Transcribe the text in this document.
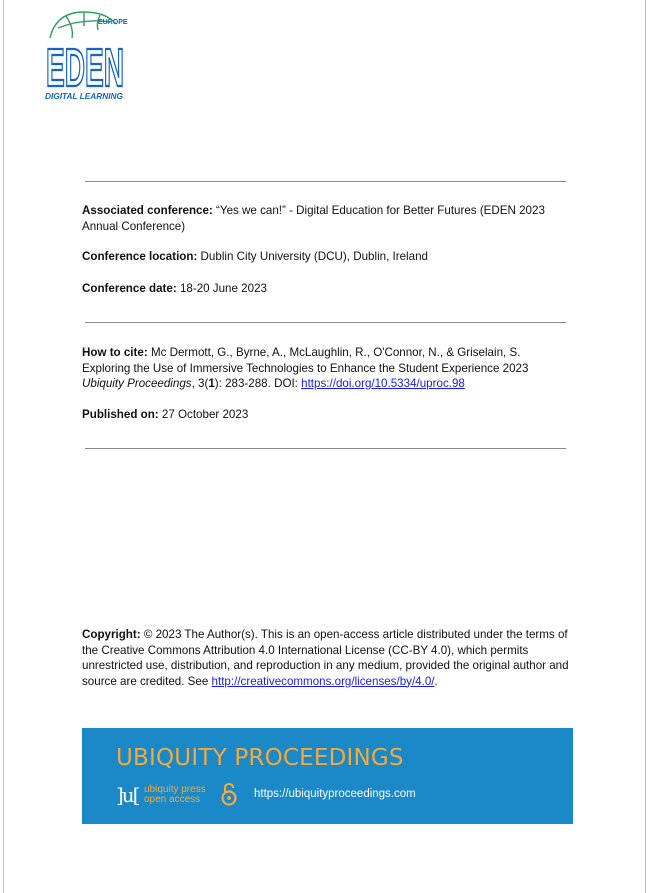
EUROPE
EDEN
DIGITAL LEARNING
Associated conference: “Yes we can!” - Digital Education for Better Futures (EDEN 2023 Annual Conference)
Conference location: Dublin City University (DCU), Dublin, Ireland
Conference date: 18-20 June 2023
How to cite: Mc Dermott, G., Byrne, A., McLaughlin, R., O'Connor, N., & Griselain, S. Exploring the Use of Immersive Technologies to Enhance the Student Experience 2023 Ubiquity Proceedings, 3(1): 283-288. DOI: https://doi.org/10.5334/uproc.98
Published on: 27 October 2023
Copyright: © 2023 The Author(s). This is an open-access article distributed under the terms of the Creative Commons Attribution 4.0 International License (CC-BY 4.0), which permits unrestricted use, distribution, and reproduction in any medium, provided the original author and source are credited. See http://creativecommons.org/licenses/by/4.0/.
UBIQUITY PROCEEDINGS
]u[ ubiquity press
open access	https://ubiquityproceedings.com
